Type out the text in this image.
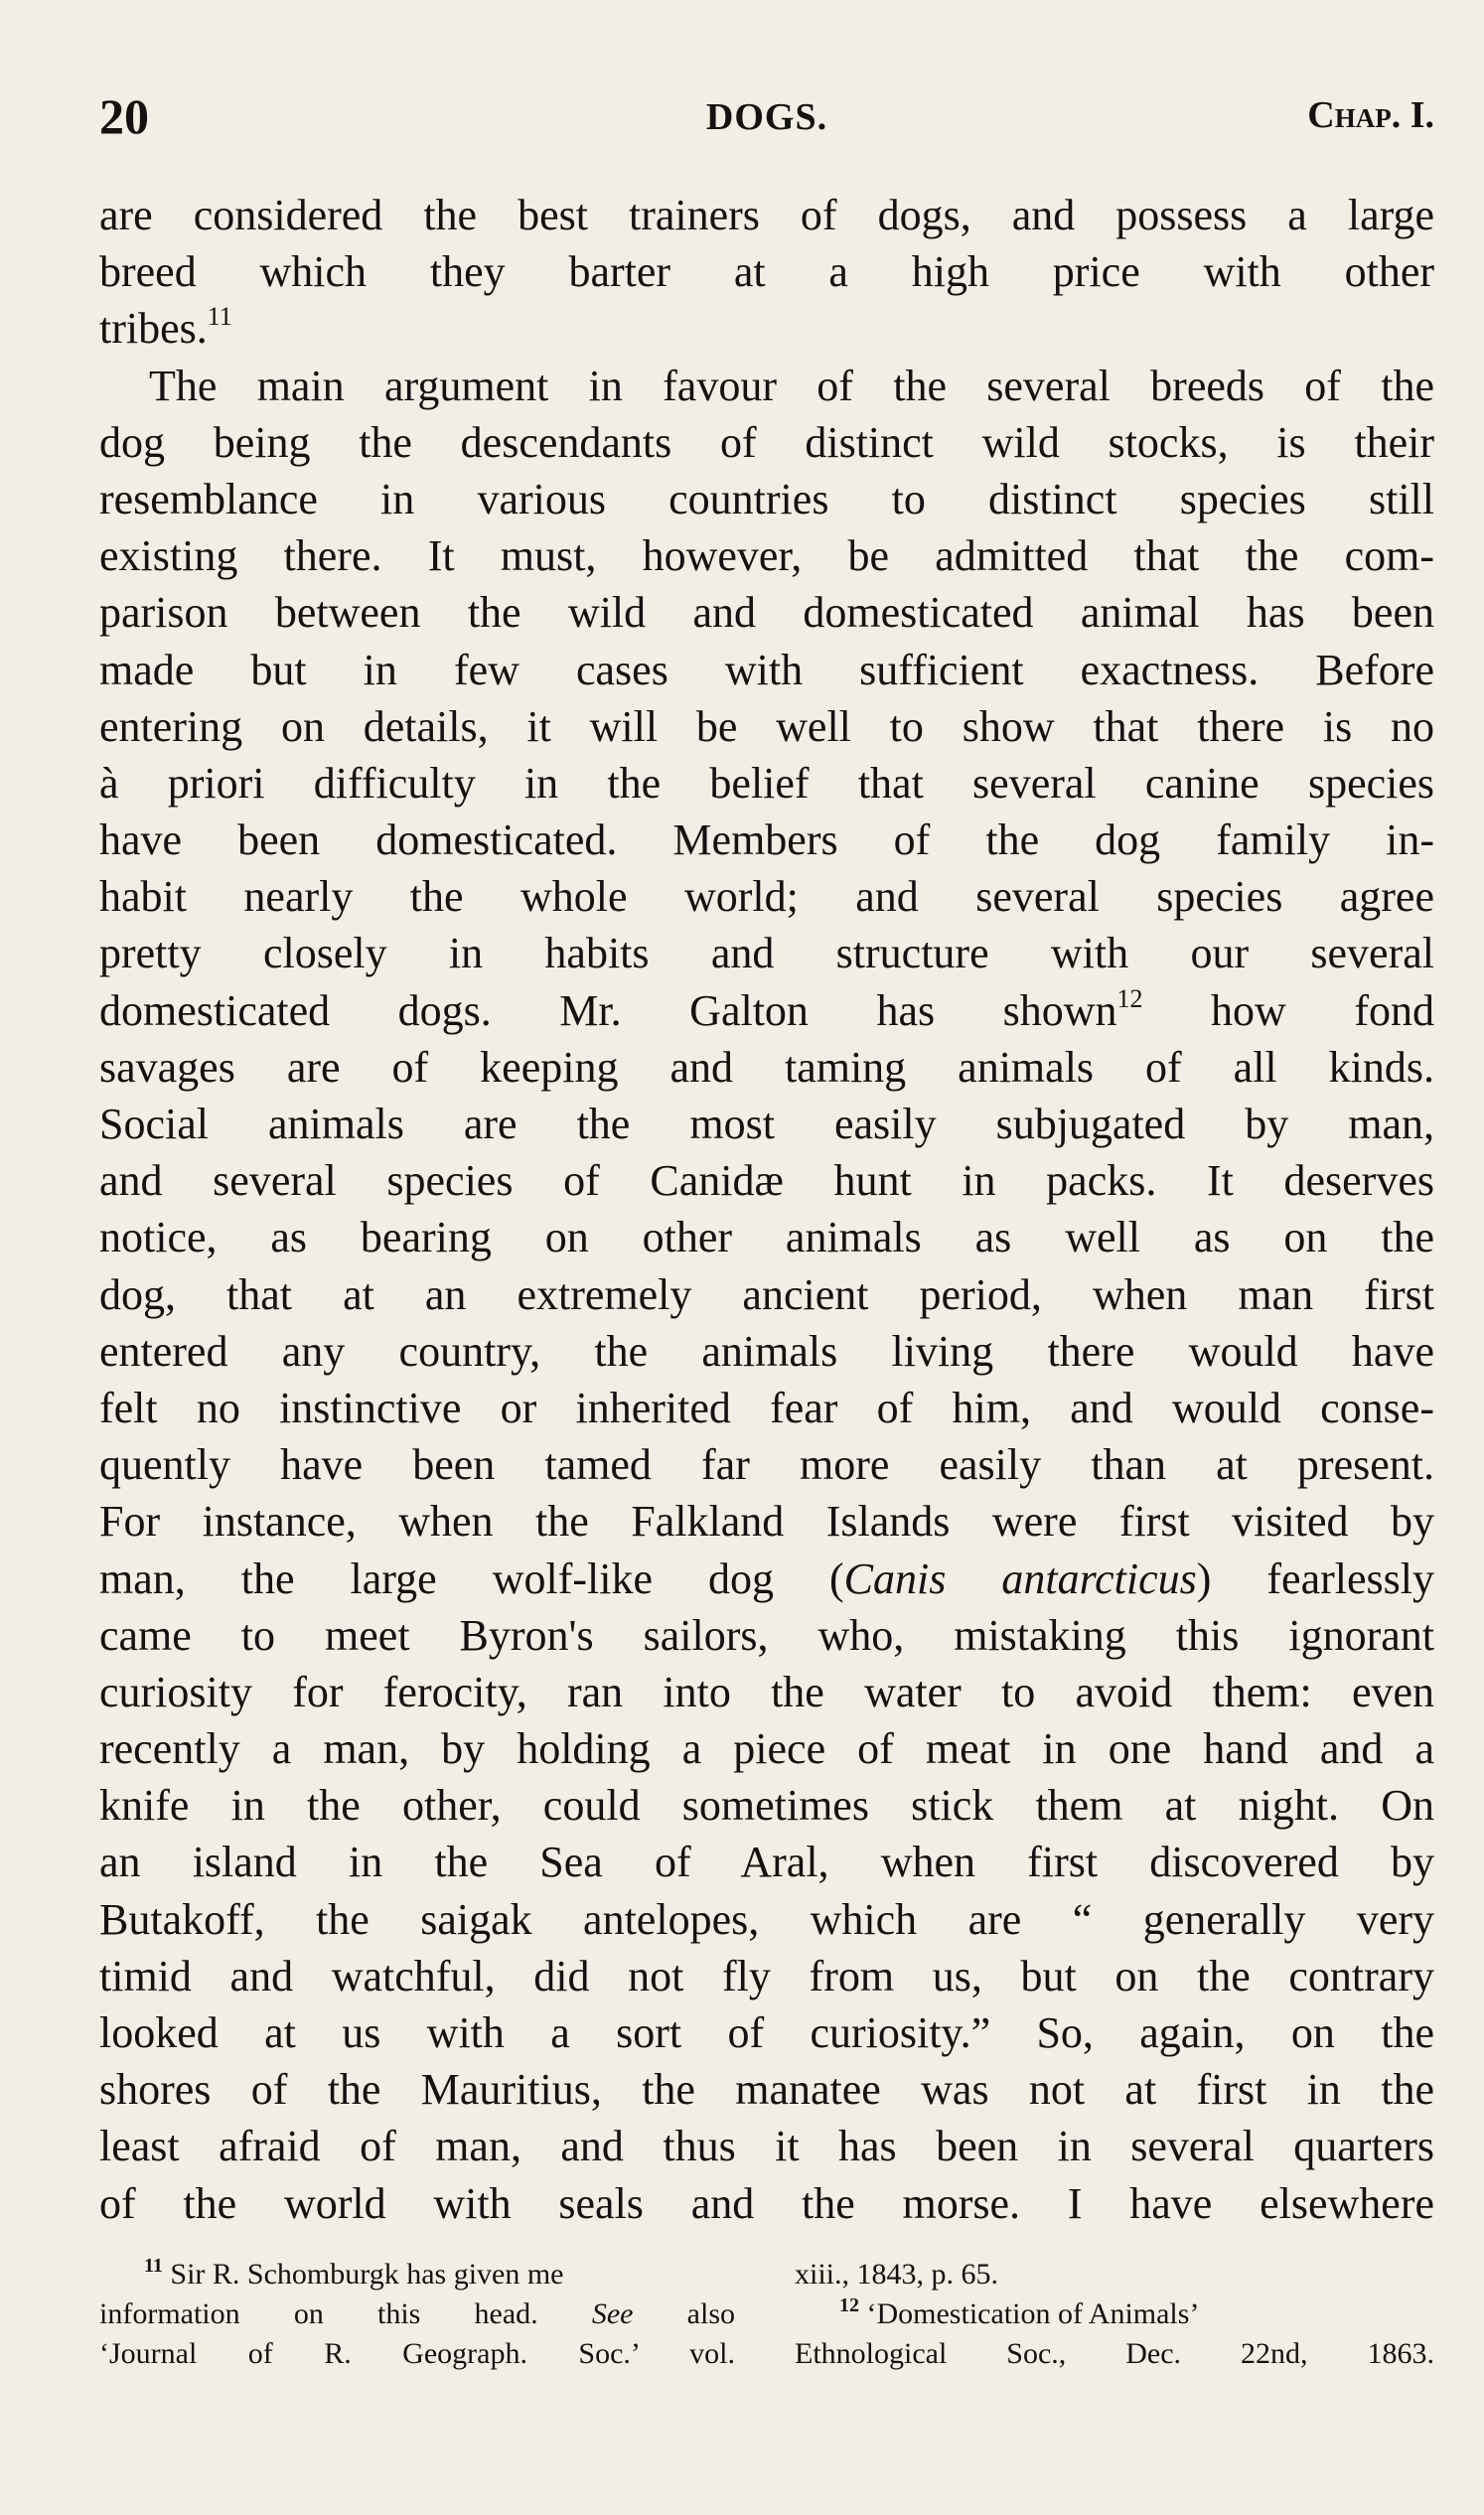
20	DOGS.	Chap. I.
are considered the best trainers of dogs, and possess a large
breed which they barter at a high price with other
tribes.$^{11}$
The main argument in favour of the several breeds of the
dog being the descendants of distinct wild stocks, is their
resemblance in various countries to distinct species still
existing there. It must, however, be admitted that the com-
parison between the wild and domesticated animal has been
made but in few cases with sufficient exactness. Before
entering on details, it will be well to show that there is no
à priori difficulty in the belief that several canine species
have been domesticated. Members of the dog family in-
habit nearly the whole world; and several species agree
pretty closely in habits and structure with our several
domesticated dogs. Mr. Galton has shown$^{12}$ how fond
savages are of keeping and taming animals of all kinds.
Social animals are the most easily subjugated by man,
and several species of Canidæ hunt in packs. It deserves
notice, as bearing on other animals as well as on the
dog, that at an extremely ancient period, when man first
entered any country, the animals living there would have
felt no instinctive or inherited fear of him, and would conse-
quently have been tamed far more easily than at present.
For instance, when the Falkland Islands were first visited by
man, the large wolf-like dog (Canis antarcticus) fearlessly
came to meet Byron's sailors, who, mistaking this ignorant
curiosity for ferocity, ran into the water to avoid them: even
recently a man, by holding a piece of meat in one hand and a
knife in the other, could sometimes stick them at night. On
an island in the Sea of Aral, when first discovered by
Butakoff, the saigak antelopes, which are “ generally very
timid and watchful, did not fly from us, but on the contrary
looked at us with a sort of curiosity.” So, again, on the
shores of the Mauritius, the manatee was not at first in the
least afraid of man, and thus it has been in several quarters
of the world with seals and the morse. I have elsewhere
$^{11}$ Sir R. Schomburgk has given me
information on this head. See also
‘Journal of R. Geograph. Soc.’ vol.
xiii., 1843, p. 65.
$^{12}$ ‘Domestication of Animals’
Ethnological Soc., Dec. 22nd, 1863.
